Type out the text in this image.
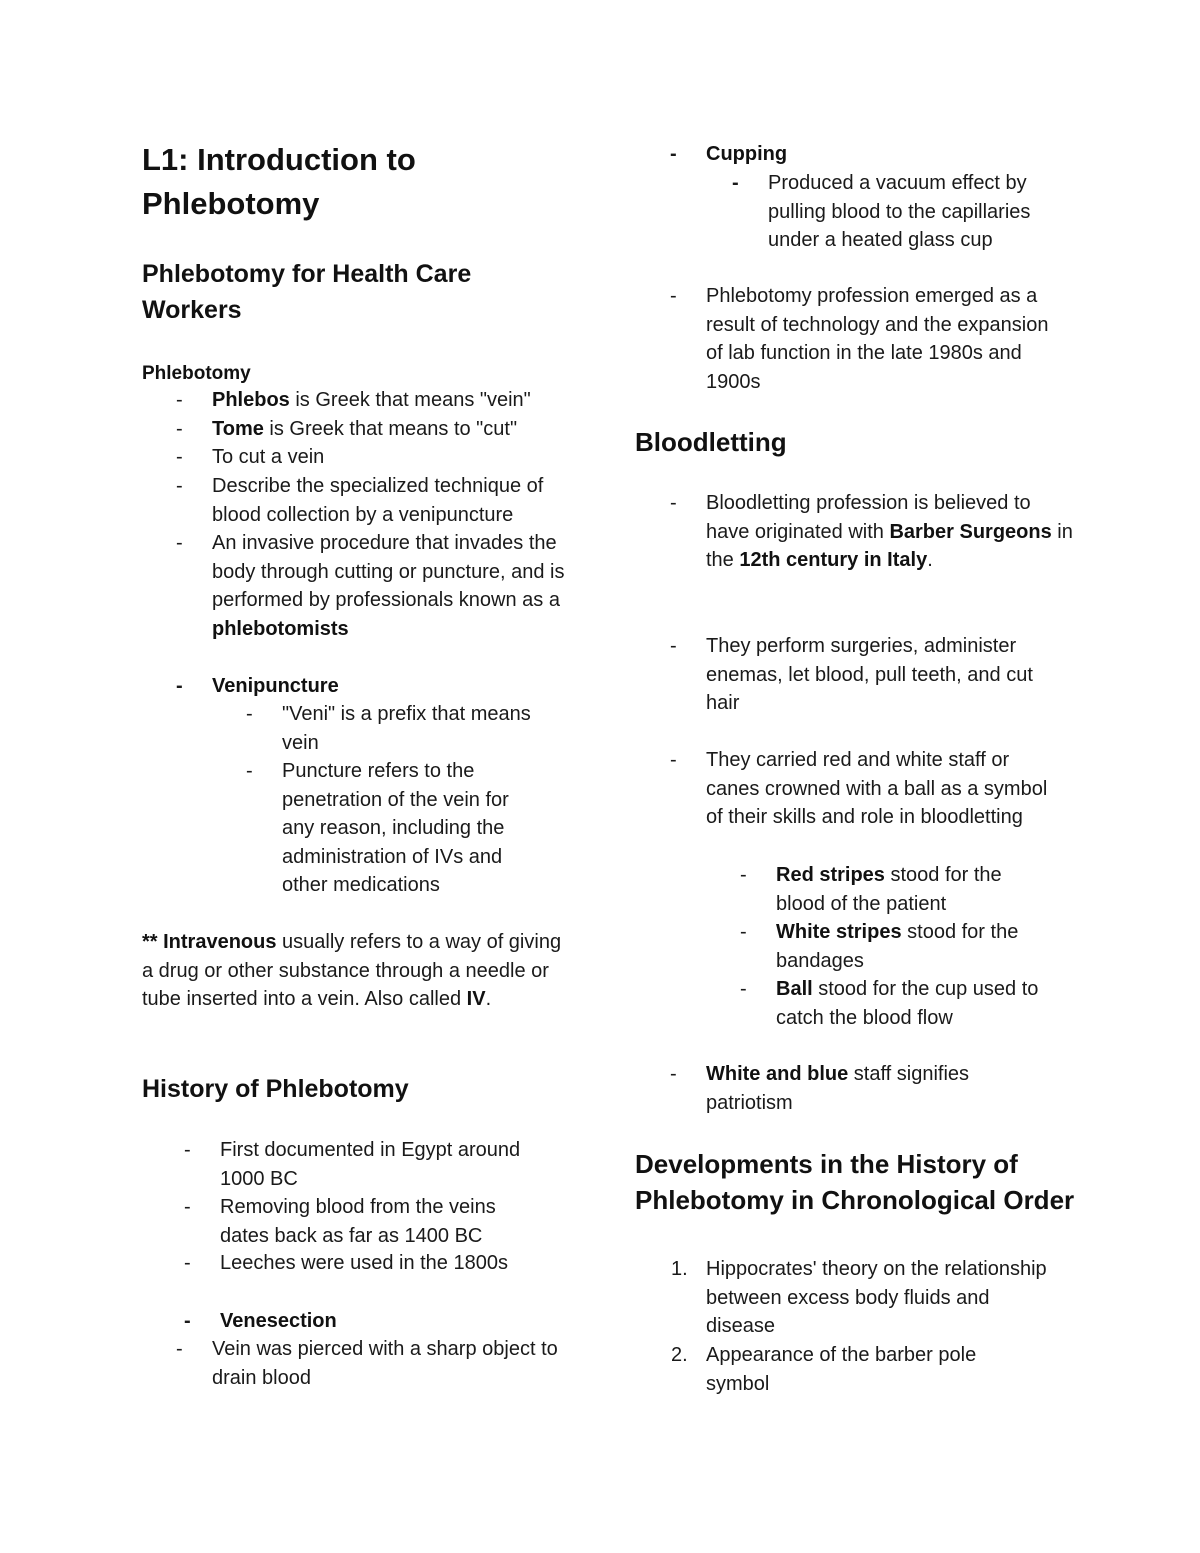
L1: Introduction to Phlebotomy
Phlebotomy for Health Care Workers
Phlebotomy
- Phlebos is Greek that means "vein"
- Tome is Greek that means to "cut"
- To cut a vein
- Describe the specialized technique of blood collection by a venipuncture
- An invasive procedure that invades the body through cutting or puncture, and is performed by professionals known as a phlebotomists
- Venipuncture
- "Veni" is a prefix that means vein
- Puncture refers to the penetration of the vein for any reason, including the administration of IVs and other medications
** Intravenous usually refers to a way of giving a drug or other substance through a needle or tube inserted into a vein. Also called IV.
History of Phlebotomy
- First documented in Egypt around 1000 BC
- Removing blood from the veins dates back as far as 1400 BC
- Leeches were used in the 1800s
- Venesection
- Vein was pierced with a sharp object to drain blood
- Cupping
- Produced a vacuum effect by pulling blood to the capillaries under a heated glass cup
- Phlebotomy profession emerged as a result of technology and the expansion of lab function in the late 1980s and 1900s
Bloodletting
- Bloodletting profession is believed to have originated with Barber Surgeons in the 12th century in Italy.
- They perform surgeries, administer enemas, let blood, pull teeth, and cut hair
- They carried red and white staff or canes crowned with a ball as a symbol of their skills and role in bloodletting
- Red stripes stood for the blood of the patient
- White stripes stood for the bandages
- Ball stood for the cup used to catch the blood flow
- White and blue staff signifies patriotism
Developments in the History of Phlebotomy in Chronological Order
1. Hippocrates' theory on the relationship between excess body fluids and disease
2. Appearance of the barber pole symbol
